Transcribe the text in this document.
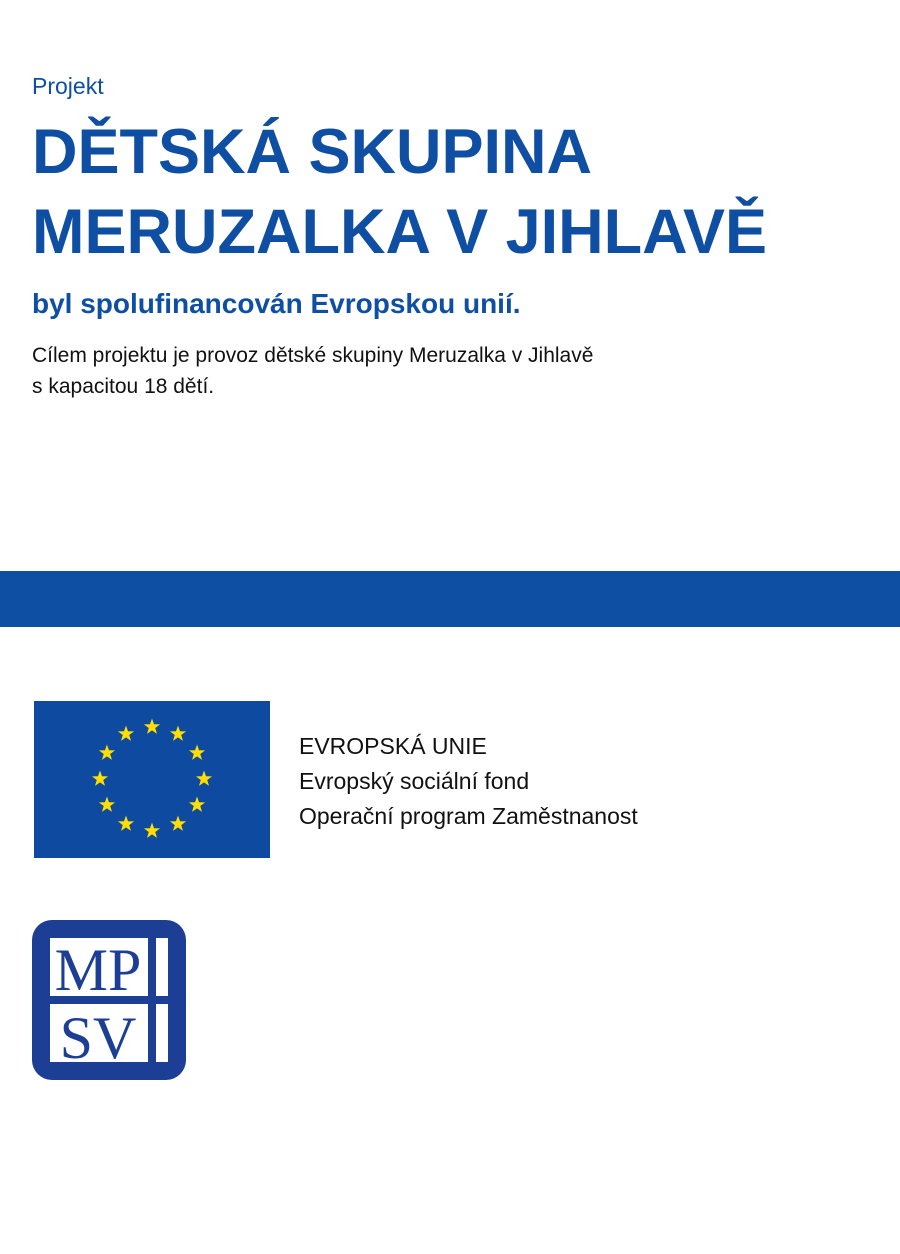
Projekt
DĚTSKÁ SKUPINA
MERUZALKA V JIHLAVĚ
byl spolufinancován Evropskou unií.
Cílem projektu je provoz dětské skupiny Meruzalka v Jihlavě
s kapacitou 18 dětí.
EVROPSKÁ UNIE
Evropský sociální fond
Operační program Zaměstnanost
MP
SV
